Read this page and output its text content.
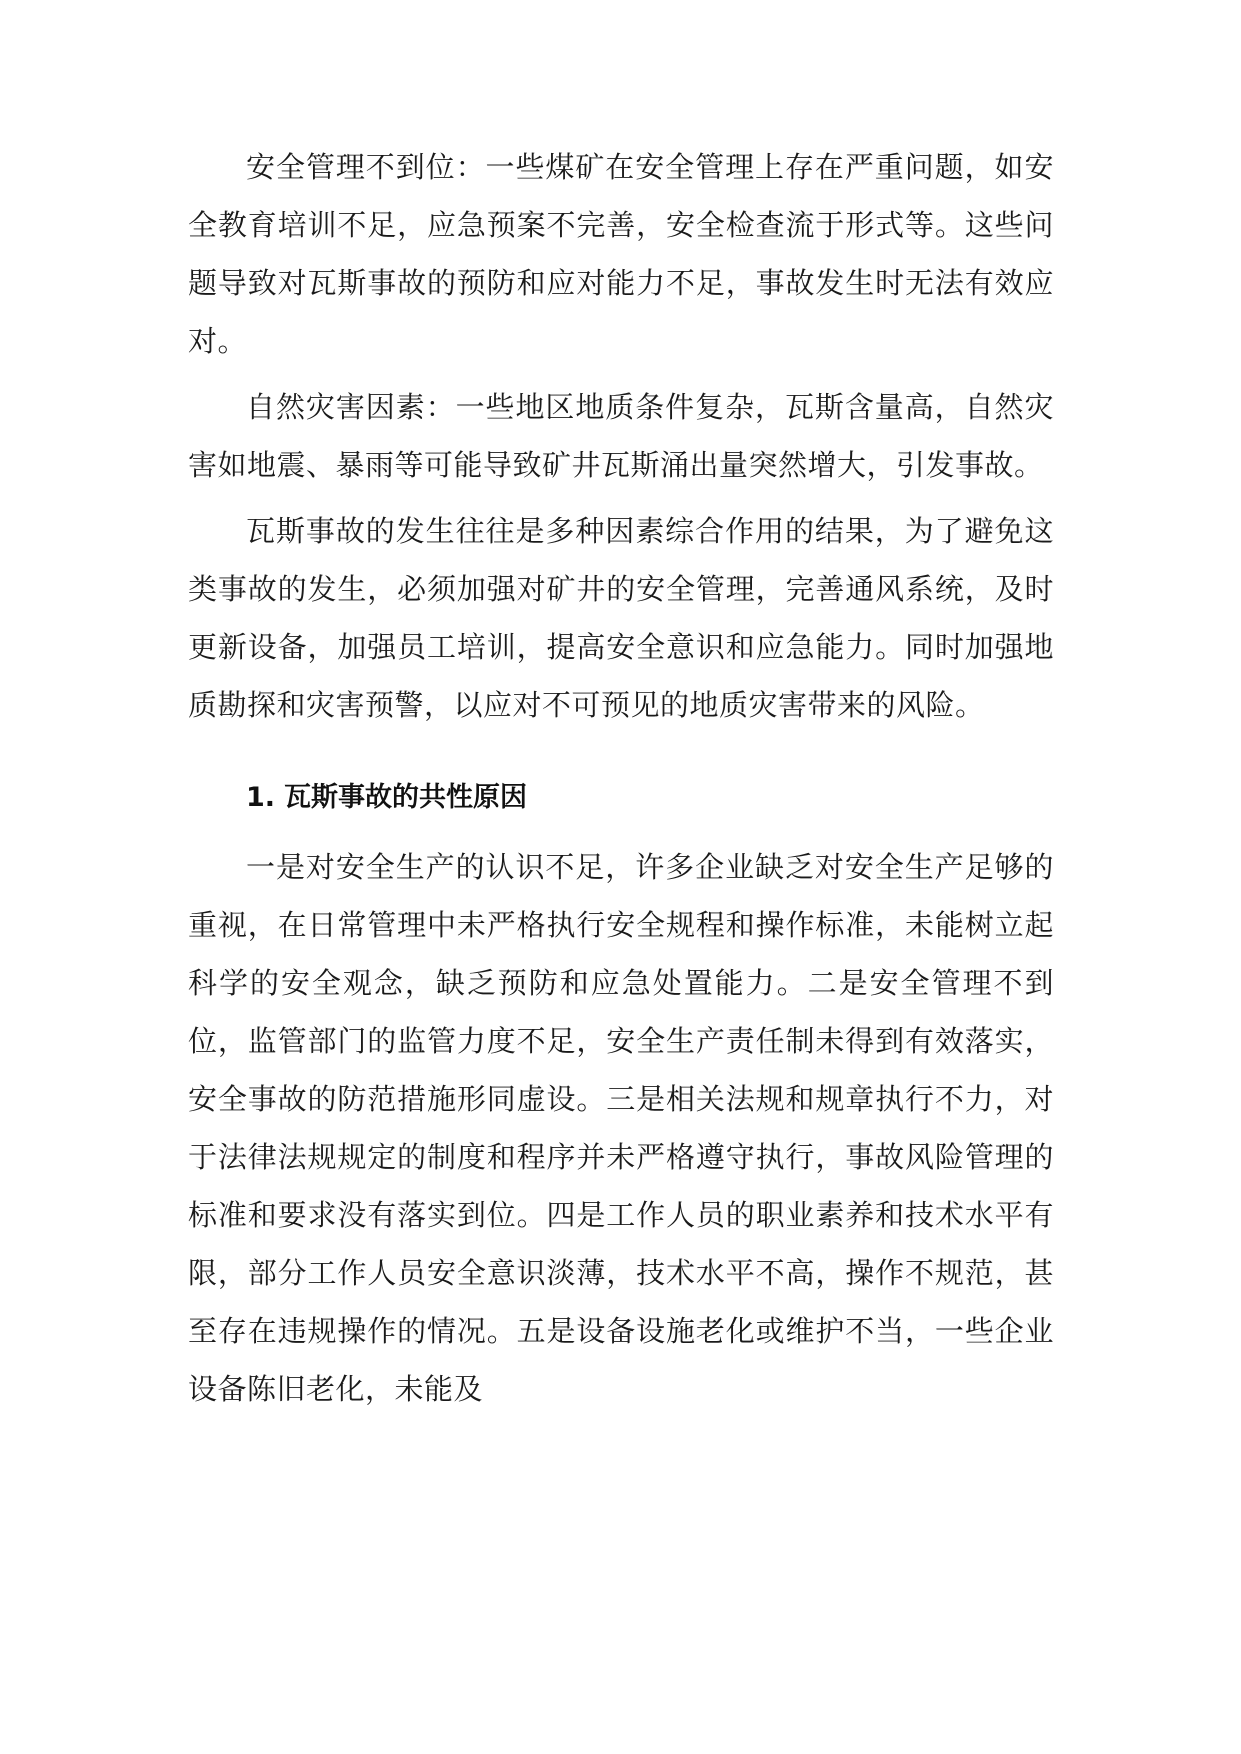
安全管理不到位：一些煤矿在安全管理上存在严重问题，如安全教育培训不足，应急预案不完善，安全检查流于形式等。这些问题导致对瓦斯事故的预防和应对能力不足，事故发生时无法有效应对。

自然灾害因素：一些地区地质条件复杂，瓦斯含量高，自然灾害如地震、暴雨等可能导致矿井瓦斯涌出量突然增大，引发事故。

瓦斯事故的发生往往是多种因素综合作用的结果，为了避免这类事故的发生，必须加强对矿井的安全管理，完善通风系统，及时更新设备，加强员工培训，提高安全意识和应急能力。同时加强地质勘探和灾害预警，以应对不可预见的地质灾害带来的风险。

1. 瓦斯事故的共性原因

一是对安全生产的认识不足，许多企业缺乏对安全生产足够的重视，在日常管理中未严格执行安全规程和操作标准，未能树立起科学的安全观念，缺乏预防和应急处置能力。二是安全管理不到位，监管部门的监管力度不足，安全生产责任制未得到有效落实，安全事故的防范措施形同虚设。三是相关法规和规章执行不力，对于法律法规规定的制度和程序并未严格遵守执行，事故风险管理的标准和要求没有落实到位。四是工作人员的职业素养和技术水平有限，部分工作人员安全意识淡薄，技术水平不高，操作不规范，甚至存在违规操作的情况。五是设备设施老化或维护不当，一些企业设备陈旧老化，未能及
